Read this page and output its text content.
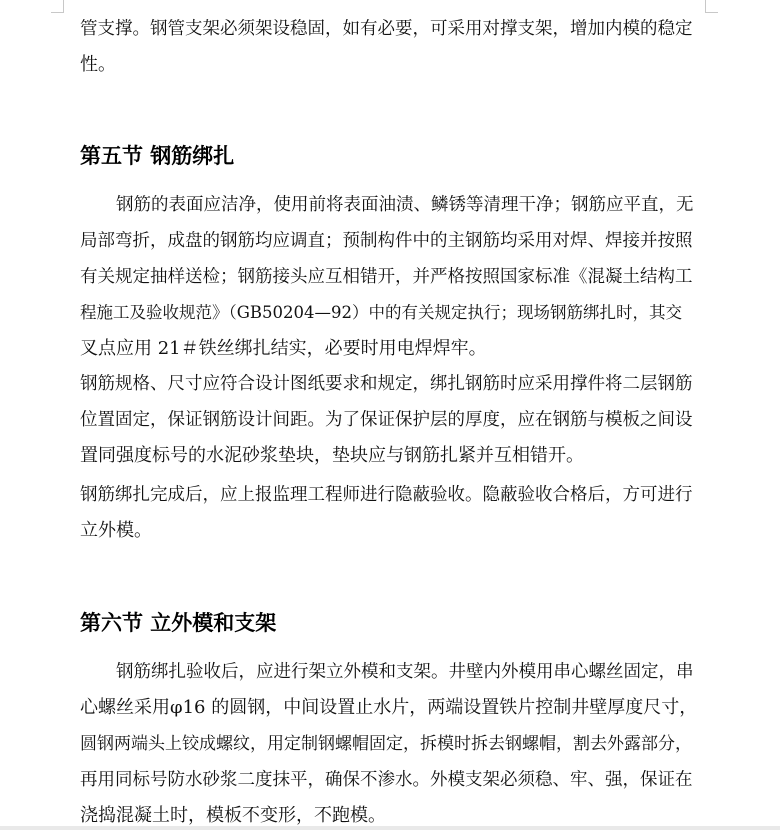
管支撑。钢管支架必须架设稳固，如有必要，可采用对撑支架，增加内模的稳定
性。
第五节 钢筋绑扎
钢筋的表面应洁净，使用前将表面油渍、鳞锈等清理干净；钢筋应平直，无
局部弯折，成盘的钢筋均应调直；预制构件中的主钢筋均采用对焊、焊接并按照
有关规定抽样送检；钢筋接头应互相错开，并严格按照国家标准《混凝土结构工
程施工及验收规范》（GB50204—92）中的有关规定执行；现场钢筋绑扎时，其交
叉点应用 21＃铁丝绑扎结实，必要时用电焊焊牢。
钢筋规格、尺寸应符合设计图纸要求和规定，绑扎钢筋时应采用撑件将二层钢筋
位置固定，保证钢筋设计间距。为了保证保护层的厚度，应在钢筋与模板之间设
置同强度标号的水泥砂浆垫块，垫块应与钢筋扎紧并互相错开。
钢筋绑扎完成后，应上报监理工程师进行隐蔽验收。隐蔽验收合格后，方可进行
立外模。
第六节 立外模和支架
钢筋绑扎验收后，应进行架立外模和支架。井壁内外模用串心螺丝固定，串
心螺丝采用φ16 的圆钢，中间设置止水片，两端设置铁片控制井壁厚度尺寸，
圆钢两端头上铰成螺纹，用定制钢螺帽固定，拆模时拆去钢螺帽，割去外露部分，
再用同标号防水砂浆二度抹平，确保不渗水。外模支架必须稳、牢、强，保证在
浇捣混凝土时，模板不变形，不跑模。
